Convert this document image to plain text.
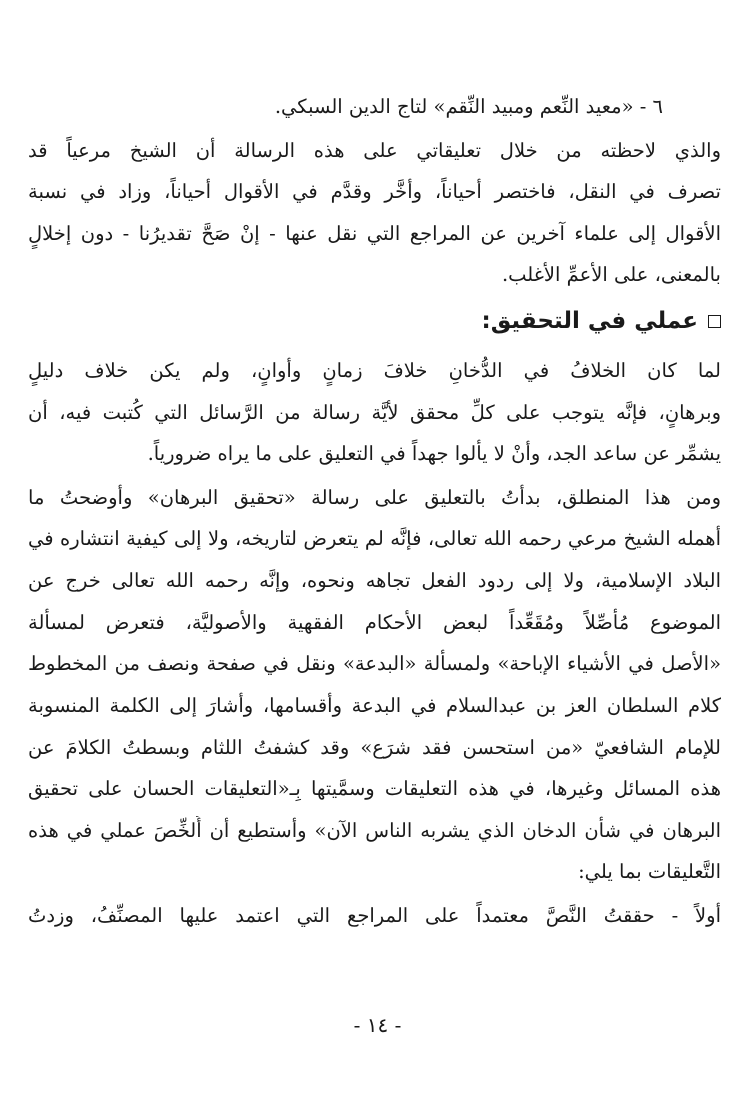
٦ - «معيد النِّعم ومبيد النِّقم» لتاج الدين السبكي.
والذي لاحظته من خلال تعليقاتي على هذه الرسالة أن الشيخ مرعياً قد
تصرف في النقل، فاختصر أحياناً، وأخَّر وقدَّم في الأقوال أحياناً، وزاد في نسبة
الأقوال إلى علماء آخرين عن المراجع التي نقل عنها - إنْ صَحَّ تقديرُنا - دون إخلالٍ
بالمعنى، على الأعمِّ الأغلب.
عملي في التحقيق:
لما كان الخلافُ في الدُّخانِ خلافَ زمانٍ وأوانٍ، ولم يكن خلاف دليلٍ
وبرهانٍ، فإنَّه يتوجب على كلِّ محقق لأيَّة رسالة من الرَّسائل التي كُتبت فيه، أن
يشمِّر عن ساعد الجد، وأنْ لا يألوا جهداً في التعليق على ما يراه ضرورياً.
ومن هذا المنطلق، بدأتُ بالتعليق على رسالة «تحقيق البرهان» وأوضحتُ ما
أهمله الشيخ مرعي رحمه الله تعالى، فإنَّه لم يتعرض لتاريخه، ولا إلى كيفية انتشاره في
البلاد الإسلامية، ولا إلى ردود الفعل تجاهه ونحوه، وإنَّه رحمه الله تعالى خرج عن
الموضوع مُأصِّلاً ومُقَعِّداً لبعض الأحكام الفقهية والأصوليَّة، فتعرض لمسألة
«الأصل في الأشياء الإباحة» ولمسألة «البدعة» ونقل في صفحة ونصف من المخطوط
كلام السلطان العز بن عبدالسلام في البدعة وأقسامها، وأشارَ إلى الكلمة المنسوبة
للإمام الشافعيّ «من استحسن فقد شرَع» وقد كشفتُ اللثام وبسطتُ الكلامَ عن
هذه المسائل وغيرها، في هذه التعليقات وسمَّيتها بِـ«التعليقات الحسان على تحقيق
البرهان في شأن الدخان الذي يشربه الناس الآن» وأستطيع أن أُلخِّصَ عملي في هذه
التَّعليقات بما يلي:
أولاً - حققتُ النَّصَّ معتمداً على المراجع التي اعتمد عليها المصنِّفُ، وزدتُ
- ١٤ -
